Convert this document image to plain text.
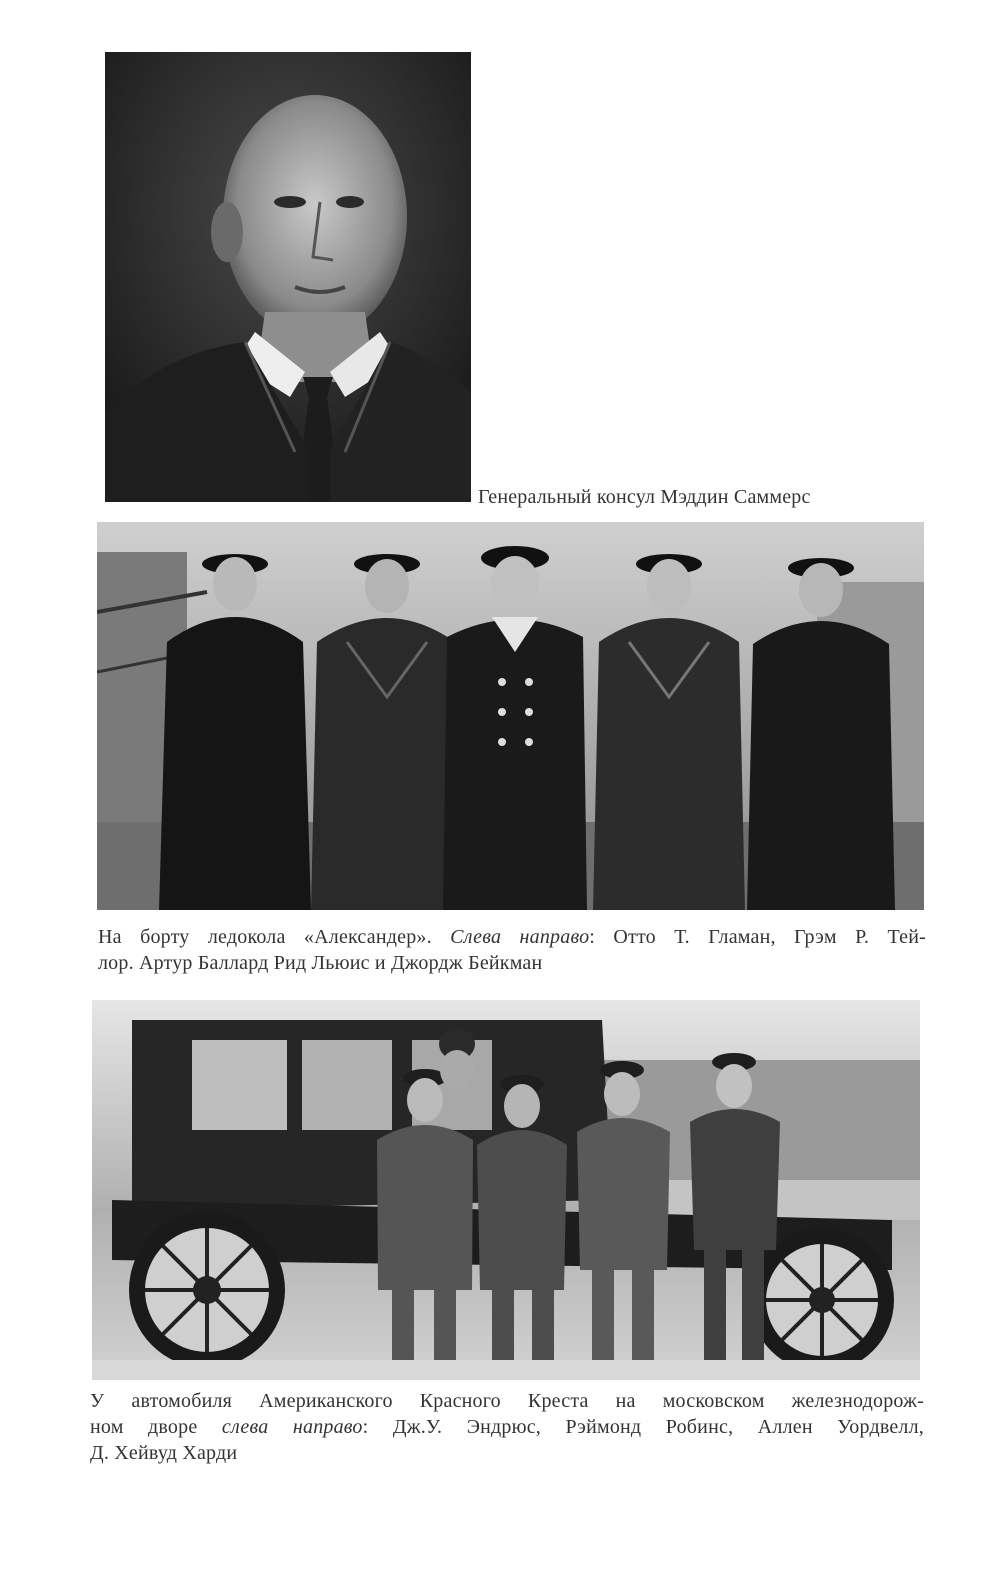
Генеральный консул Мэддин Саммерс
На борту ледокола «Александер». Слева направо: Отто Т. Гламан, Грэм Р. Тей-
лор. Артур Баллард Рид Льюис и Джордж Бейкман
У автомобиля Американского Красного Креста на московском железнодорож-
ном дворе слева направо: Дж.У. Эндрюс, Рэймонд Робинс, Аллен Уордвелл,
Д. Хейвуд Харди
